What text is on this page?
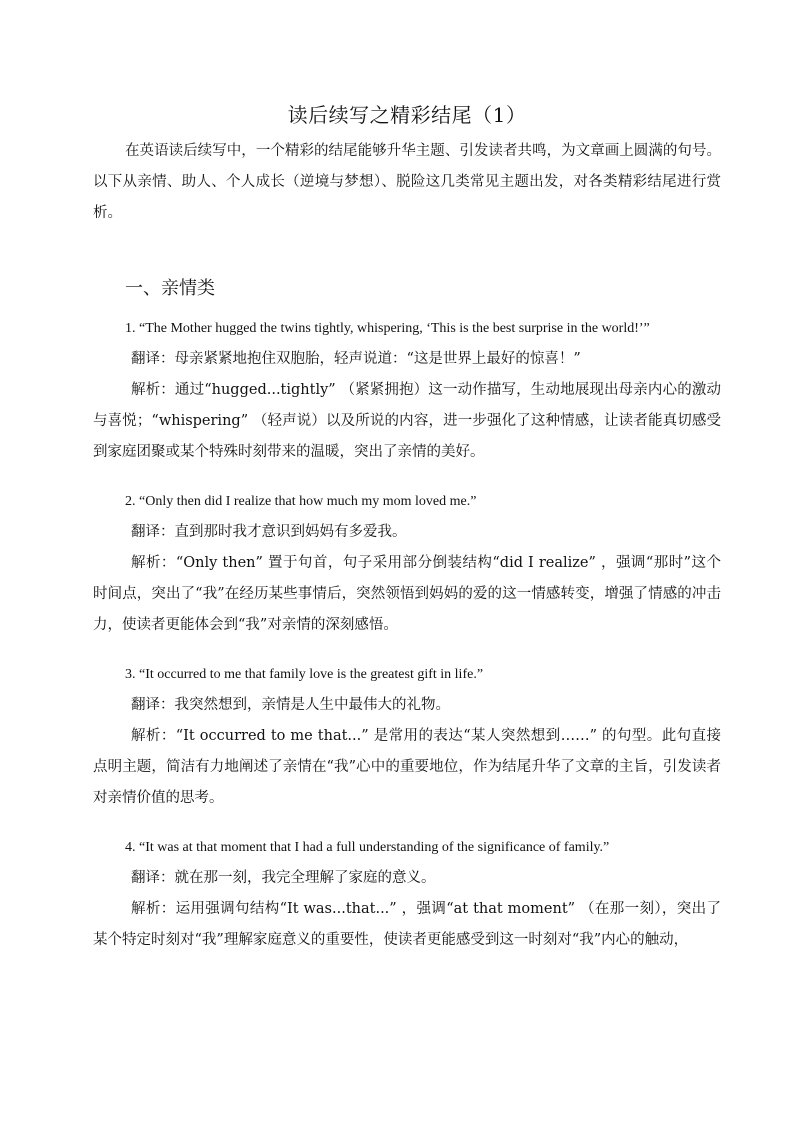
读后续写之精彩结尾（1）

在英语读后续写中，一个精彩的结尾能够升华主题、引发读者共鸣，为文章画上圆满的句号。以下从亲情、助人、个人成长（逆境与梦想）、脱险这几类常见主题出发，对各类精彩结尾进行赏析。

一、亲情类

1. “The Mother hugged the twins tightly, whispering, ‘This is the best surprise in the world!’”

翻译：母亲紧紧地抱住双胞胎，轻声说道：“这是世界上最好的惊喜！”

解析：通过“hugged...tightly” （紧紧拥抱）这一动作描写，生动地展现出母亲内心的激动与喜悦；“whispering” （轻声说）以及所说的内容，进一步强化了这种情感，让读者能真切感受到家庭团聚或某个特殊时刻带来的温暖，突出了亲情的美好。

2. “Only then did I realize that how much my mom loved me.”

翻译：直到那时我才意识到妈妈有多爱我。

解析：“Only then” 置于句首，句子采用部分倒装结构“did I realize” ，强调“那时”这个时间点，突出了“我”在经历某些事情后，突然领悟到妈妈的爱的这一情感转变，增强了情感的冲击力，使读者更能体会到“我”对亲情的深刻感悟。

3. “It occurred to me that family love is the greatest gift in life.”

翻译：我突然想到，亲情是人生中最伟大的礼物。

解析：“It occurred to me that...” 是常用的表达“某人突然想到……” 的句型。此句直接点明主题，简洁有力地阐述了亲情在“我”心中的重要地位，作为结尾升华了文章的主旨，引发读者对亲情价值的思考。

4. “It was at that moment that I had a full understanding of the significance of family.”

翻译：就在那一刻，我完全理解了家庭的意义。

解析：运用强调句结构“It was...that...” ，强调“at that moment” （在那一刻），突出了某个特定时刻对“我”理解家庭意义的重要性，使读者更能感受到这一时刻对“我”内心的触动，
